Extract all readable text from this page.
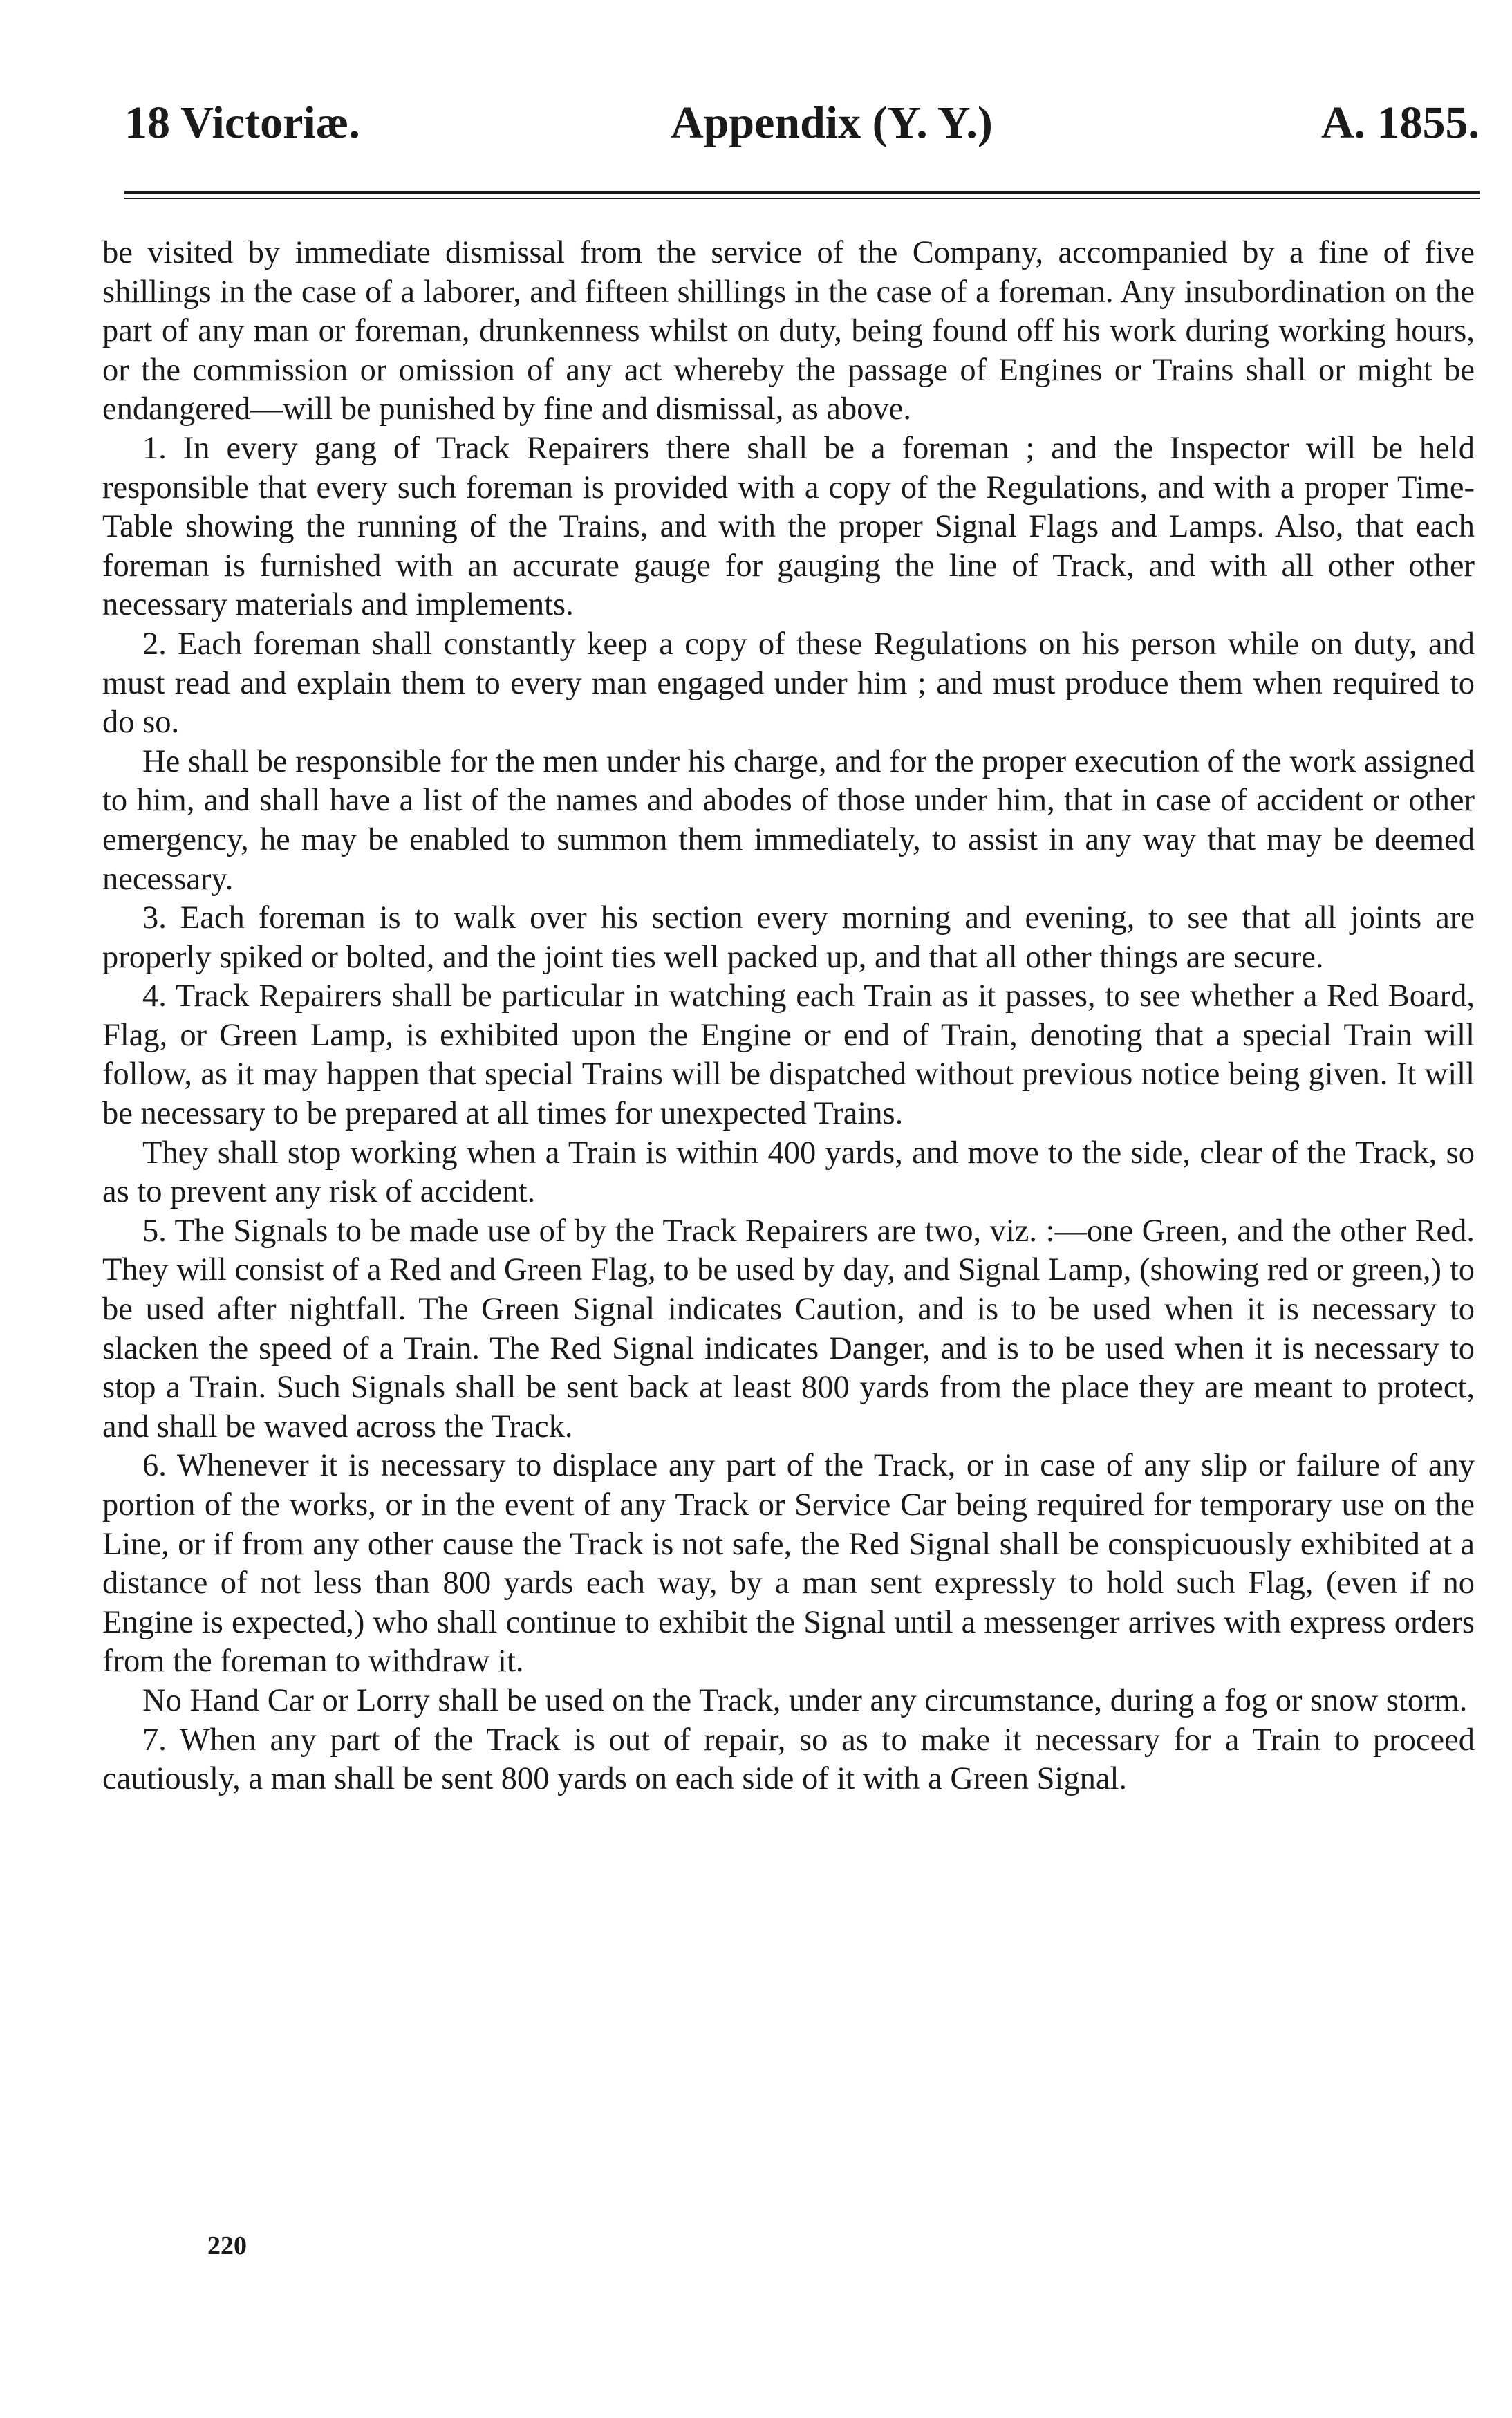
18 Victoriæ.	Appendix (Y. Y.)	A. 1855.

be visited by immediate dismissal from the service of the Company, accompanied by a fine of five shillings in the case of a laborer, and fifteen shillings in the case of a foreman. Any insubordination on the part of any man or foreman, drunkenness whilst on duty, being found off his work during working hours, or the commission or omission of any act whereby the passage of Engines or Trains shall or might be endangered—will be punished by fine and dismissal, as above.

1. In every gang of Track Repairers there shall be a foreman ; and the Inspector will be held responsible that every such foreman is provided with a copy of the Regulations, and with a proper Time-Table showing the running of the Trains, and with the proper Signal Flags and Lamps. Also, that each foreman is furnished with an accurate gauge for gauging the line of Track, and with all other other necessary materials and implements.

2. Each foreman shall constantly keep a copy of these Regulations on his person while on duty, and must read and explain them to every man engaged under him ; and must produce them when required to do so.

He shall be responsible for the men under his charge, and for the proper execution of the work assigned to him, and shall have a list of the names and abodes of those under him, that in case of accident or other emergency, he may be enabled to summon them immediately, to assist in any way that may be deemed necessary.

3. Each foreman is to walk over his section every morning and evening, to see that all joints are properly spiked or bolted, and the joint ties well packed up, and that all other things are secure.

4. Track Repairers shall be particular in watching each Train as it passes, to see whether a Red Board, Flag, or Green Lamp, is exhibited upon the Engine or end of Train, denoting that a special Train will follow, as it may happen that special Trains will be dispatched without previous notice being given. It will be necessary to be prepared at all times for unexpected Trains.

They shall stop working when a Train is within 400 yards, and move to the side, clear of the Track, so as to prevent any risk of accident.

5. The Signals to be made use of by the Track Repairers are two, viz. :—one Green, and the other Red. They will consist of a Red and Green Flag, to be used by day, and Signal Lamp, (showing red or green,) to be used after nightfall. The Green Signal indicates Caution, and is to be used when it is necessary to slacken the speed of a Train. The Red Signal indicates Danger, and is to be used when it is necessary to stop a Train. Such Signals shall be sent back at least 800 yards from the place they are meant to protect, and shall be waved across the Track.

6. Whenever it is necessary to displace any part of the Track, or in case of any slip or failure of any portion of the works, or in the event of any Track or Service Car being required for temporary use on the Line, or if from any other cause the Track is not safe, the Red Signal shall be conspicuously exhibited at a distance of not less than 800 yards each way, by a man sent expressly to hold such Flag, (even if no Engine is expected,) who shall continue to exhibit the Signal until a messenger arrives with express orders from the foreman to withdraw it.

No Hand Car or Lorry shall be used on the Track, under any circumstance, during a fog or snow storm.

7. When any part of the Track is out of repair, so as to make it necessary for a Train to proceed cautiously, a man shall be sent 800 yards on each side of it with a Green Signal.

220
